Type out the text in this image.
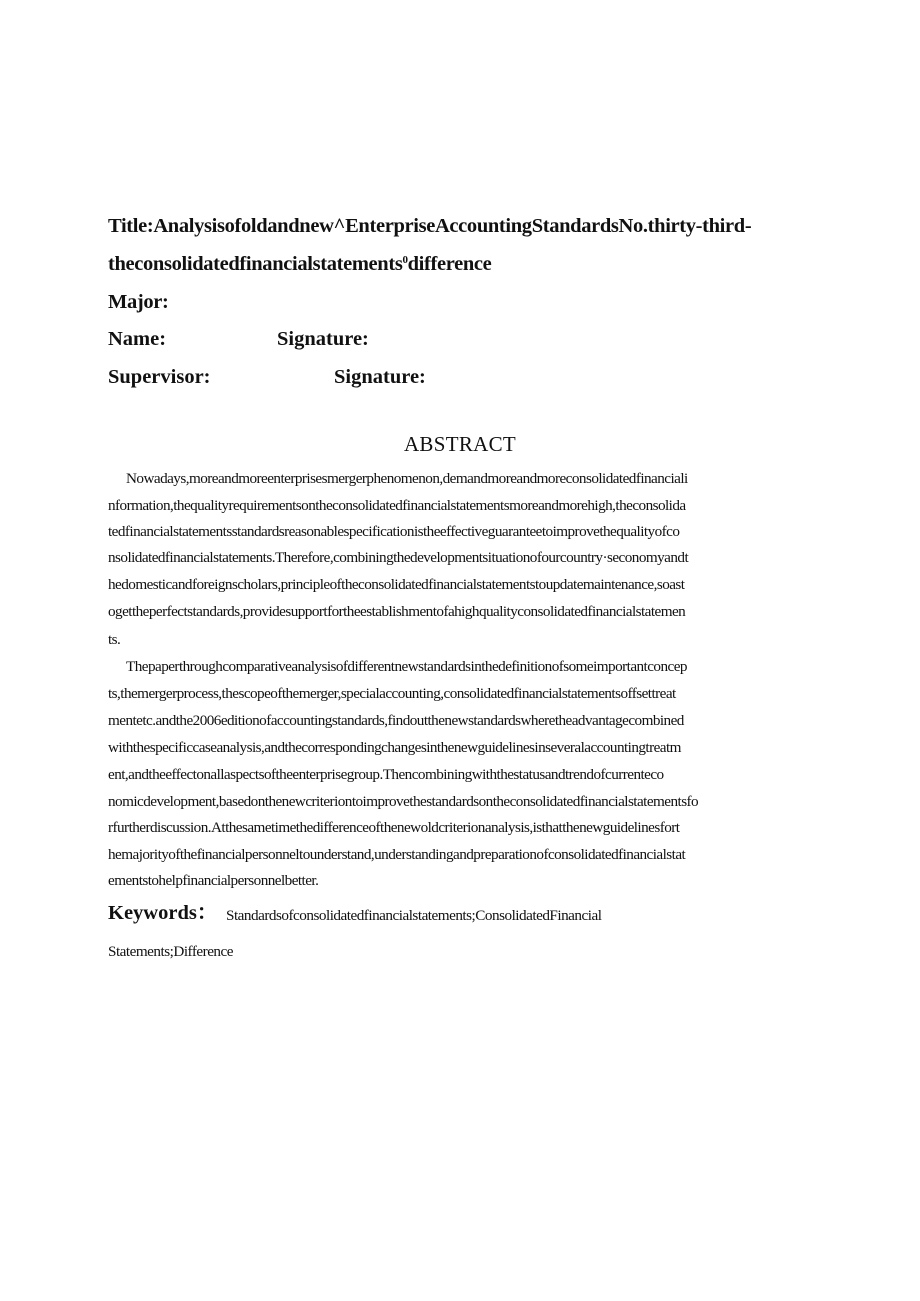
Title:Analysisofoldandnew^EnterpriseAccountingStandardsNo.thirty-third-
theconsolidatedfinancialstatements$^0$difference
Major:
Name:	Signature:
Supervisor:	Signature:
ABSTRACT
Nowadays,moreandmoreenterprisesmergerphenomenon,demandmoreandmoreconsolidatedfinanciali
nformation,thequalityrequirementsontheconsolidatedfinancialstatementsmoreandmorehigh,theconsolida
tedfinancialstatementsstandardsreasonablespecificationistheeffectiveguaranteetoimprovethequalityofco
nsolidatedfinancialstatements.Therefore,combiningthedevelopmentsituationofourcountry·seconomyandt
hedomesticandforeignscholars,principleoftheconsolidatedfinancialstatementstoupdatemaintenance,soast
ogettheperfectstandards,providesupportfortheestablishmentofahighqualityconsolidatedfinancialstatemen
ts.
Thepaperthroughcomparativeanalysisofdifferentnewstandardsinthedefinitionofsomeimportantconcep
ts,themergerprocess,thescopeofthemerger,specialaccounting,consolidatedfinancialstatementsoffsettreat
mentetc.andthe2006editionofaccountingstandards,findoutthenewstandardswheretheadvantagecombined
withthespecificcaseanalysis,andthecorrespondingchangesinthenewguidelinesinseveralaccountingtreatm
ent,andtheeffectonallaspectsoftheenterprisegroup.Thencombiningwiththestatusandtrendofcurrenteco
nomicdevelopment,basedonthenewcriteriontoimprovethestandardsontheconsolidatedfinancialstatementsfo
rfurtherdiscussion.Atthesametimethedifferenceofthenewoldcriterionanalysis,isthatthenewguidelinesfort
hemajorityofthefinancialpersonneltounderstand,understandingandpreparationofconsolidatedfinancialstat
ementstohelpfinancialpersonnelbetter.
Keywords： Standardsofconsolidatedfinancialstatements;ConsolidatedFinancial
Statements;Difference
